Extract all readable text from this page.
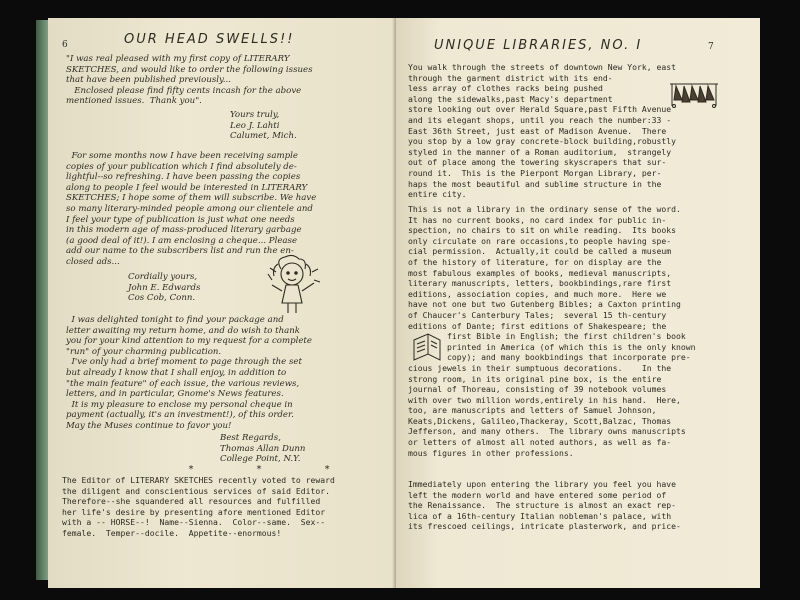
6	OUR HEAD SWELLS!!
"I was real pleased with my first copy of LITERARY
SKETCHES, and would like to order the following issues
that have been published previously...
Enclosed please find fifty cents incash for the above
mentioned issues.  Thank you".
Yours truly,
Leo J. Lahti
Calumet, Mich.
For some months now I have been receiving sample
copies of your publication which I find absolutely de-
lightful--so refreshing. I have been passing the copies
along to people I feel would be interested in LITERARY
SKETCHES; I hope some of them will subscribe. We have
so many literary-minded people among our clientele and
I feel your type of publication is just what one needs
in this modern age of mass-produced literary garbage
(a good deal of it!). I am enclosing a cheque... Please
add our name to the subscribers list and run the en-
closed ads...
Cordially yours,
John E. Edwards
Cos Cob, Conn.
I was delighted tonight to find your package and
letter awaiting my return home, and do wish to thank
you for your kind attention to my request for a complete
"run" of your charming publication.
I've only had a brief moment to page through the set
but already I know that I shall enjoy, in addition to
"the main feature" of each issue, the various reviews,
letters, and in particular, Gnome's News features.
It is my pleasure to enclose my personal cheque in
payment (actually, it's an investment!), of this order.
May the Muses continue to favor you!
Best Regards,
Thomas Allan Dunn
College Point, N.Y.
* * *
The Editor of LITERARY SKETCHES recently voted to reward
the diligent and conscientious services of said Editor.
Therefore--she squandered all resources and fulfilled
her life's desire by presenting afore mentioned Editor
with a -- HORSE--!  Name--Sienna.  Color--same.  Sex--
female.  Temper--docile.  Appetite--enormous!
UNIQUE LIBRARIES, NO. I	7
You walk through the streets of downtown New York, east
through the garment district with its end-
less array of clothes racks being pushed
along the sidewalks,past Macy's department
store looking out over Herald Square,past Fifth Avenue
and its elegant shops, until you reach the number:33 -
East 36th Street, just east of Madison Avenue.  There
you stop by a low gray concrete-block building,robustly
styled in the manner of a Roman auditorium,  strangely
out of place among the towering skyscrapers that sur-
round it.  This is the Pierpont Morgan Library, per-
haps the most beautiful and sublime structure in the
entire city.
This is not a library in the ordinary sense of the word.
It has no current books, no card index for public in-
spection, no chairs to sit on while reading.  Its books
only circulate on rare occasions,to people having spe-
cial permission.  Actually,it could be called a museum
of the history of literature, for on display are the
most fabulous examples of books, medieval manuscripts,
literary manuscripts, letters, bookbindings,rare first
editions, association copies, and much more.  Here we
have not one but two Gutenberg Bibles; a Caxton printing
of Chaucer's Canterbury Tales;  several 15 th-century
editions of Dante; first editions of Shakespeare; the
first Bible in English; the first children's book
printed in America (of which this is the only known
copy); and many bookbindings that incorporate pre-
cious jewels in their sumptuous decorations.    In the
strong room, in its original pine box, is the entire
journal of Thoreau, consisting of 39 notebook volumes
with over two million words,entirely in his hand.  Here,
too, are manuscripts and letters of Samuel Johnson,
Keats,Dickens, Galileo,Thackeray, Scott,Balzac, Thomas
Jefferson, and many others.  The library owns manuscripts
or letters of almost all noted authors, as well as fa-
mous figures in other professions.
Immediately upon entering the library you feel you have
left the modern world and have entered some period of
the Renaissance.  The structure is almost an exact rep-
lica of a 16th-century Italian nobleman's palace, with
its frescoed ceilings, intricate plasterwork, and price-
